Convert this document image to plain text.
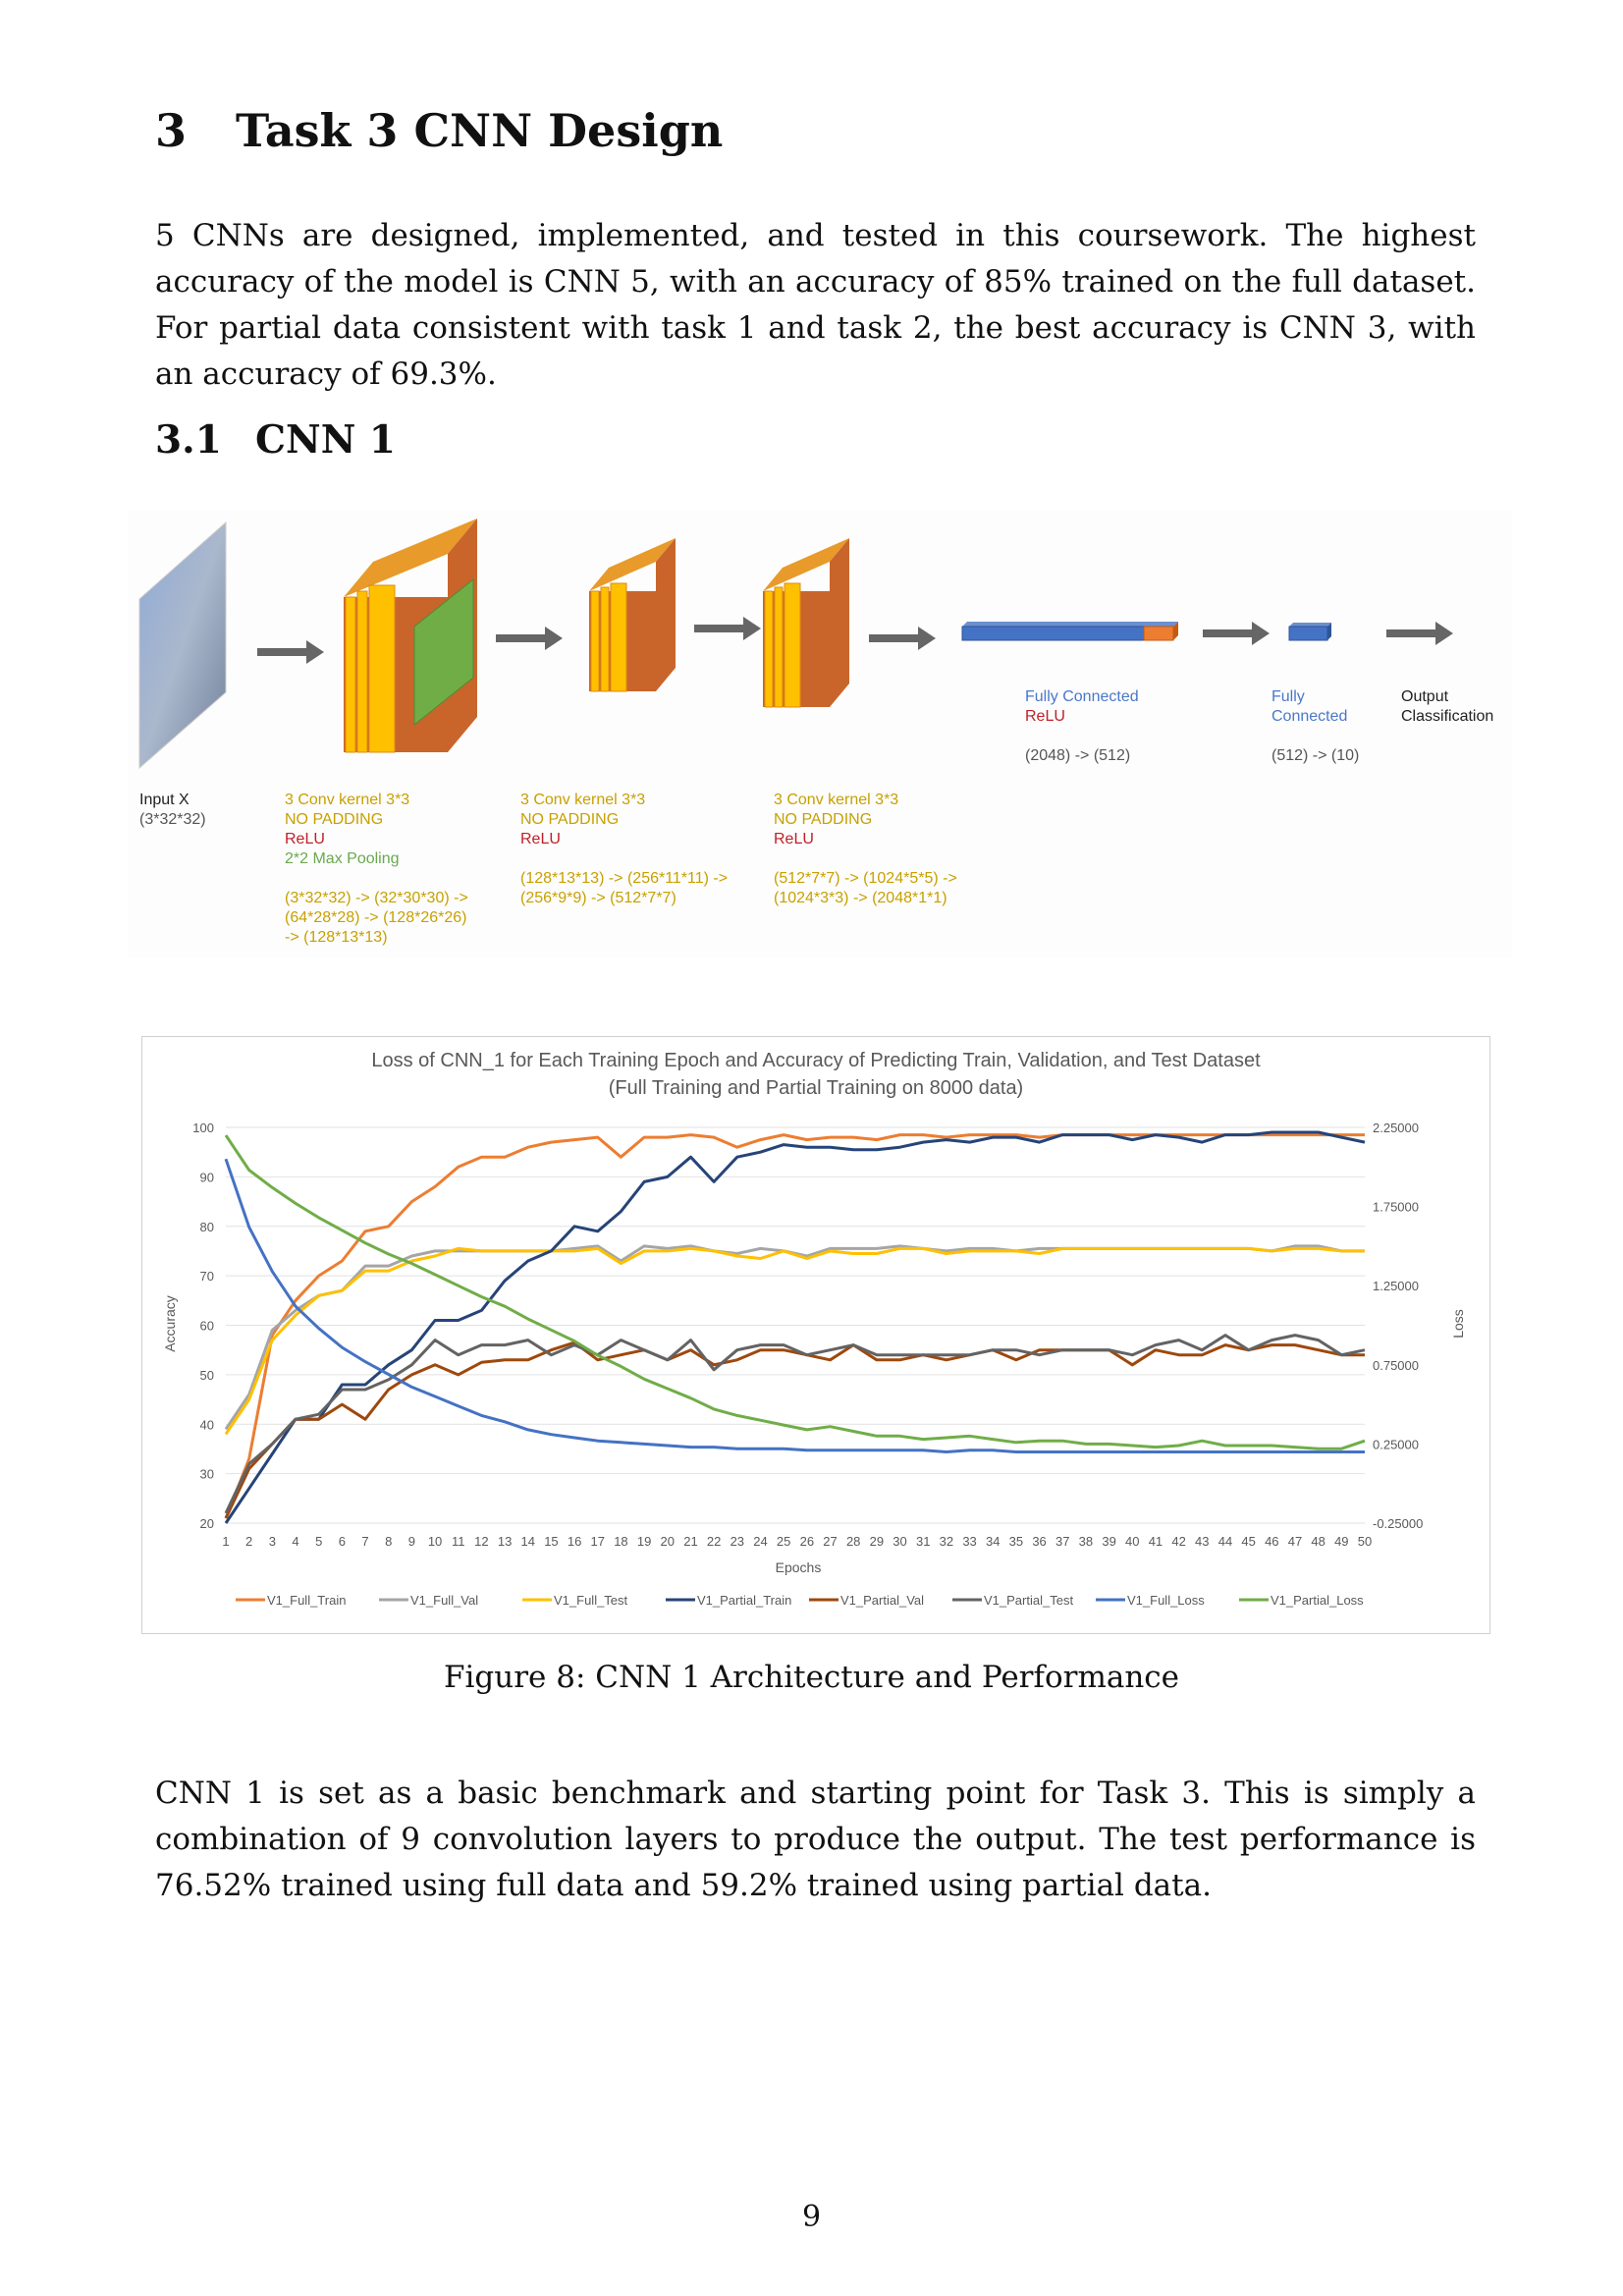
3 Task 3 CNN Design

5 CNNs are designed, implemented, and tested in this coursework. The highest accuracy of the model is CNN 5, with an accuracy of 85% trained on the full dataset. For partial data consistent with task 1 and task 2, the best accuracy is CNN 3, with an accuracy of 69.3%.

3.1 CNN 1
Input X
(3*32*32)
3 Conv kernel 3*3
NO PADDING
ReLU
2*2 Max Pooling
(3*32*32) -> (32*30*30) ->
(64*28*28) -> (128*26*26)
-> (128*13*13)
3 Conv kernel 3*3
NO PADDING
ReLU
(128*13*13) -> (256*11*11) ->
(256*9*9) -> (512*7*7)
3 Conv kernel 3*3
NO PADDING
ReLU
(512*7*7) -> (1024*5*5) ->
(1024*3*3) -> (2048*1*1)
Fully Connected
ReLU
(2048) -> (512)
Fully
Connected
(512) -> (10)
Output
Classification
Loss of CNN_1 for Each Training Epoch and Accuracy of Predicting Train, Validation, and Test Dataset
(Full Training and Partial Training on 8000 data)
100
90
80
70
60
50
40
30
20
2.25000
1.75000
1.25000
0.75000
0.25000
-0.25000
1 2 3 4 5 6 7 8 9 10 11 12 13 14 15 16 17 18 19 20 21 22 23 24 25 26 27 28 29 30 31 32 33 34 35 36 37 38 39 40 41 42 43 44 45 46 47 48 49 50
Epochs
Accuracy	Loss
V1_Full_Train	V1_Full_Val	V1_Full_Test	V1_Partial_Train	V1_Partial_Val	V1_Partial_Test	V1_Full_Loss	V1_Partial_Loss

Figure 8: CNN 1 Architecture and Performance

CNN 1 is set as a basic benchmark and starting point for Task 3. This is simply a combination of 9 convolution layers to produce the output. The test performance is 76.52% trained using full data and 59.2% trained using partial data.

9
